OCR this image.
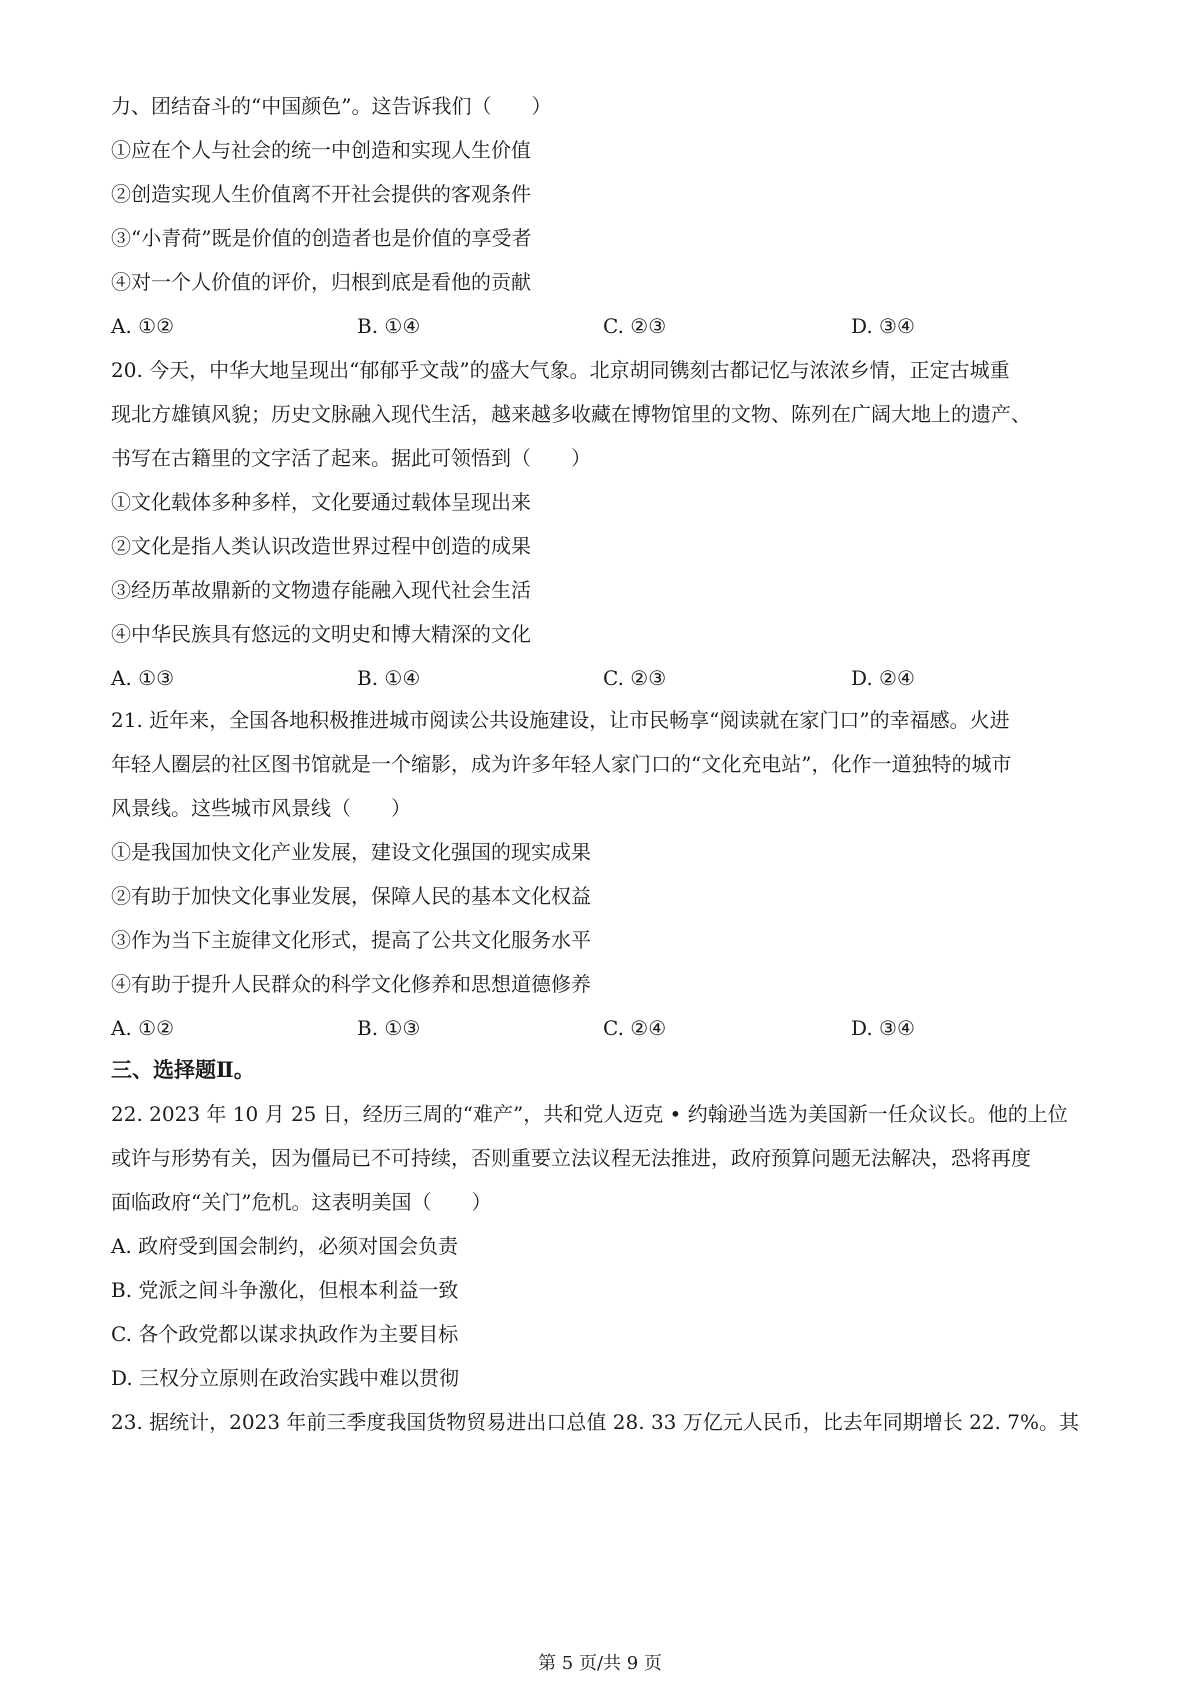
力、团结奋斗的“中国颜色”。这告诉我们（　　）
①应在个人与社会的统一中创造和实现人生价值
②创造实现人生价值离不开社会提供的客观条件
③“小青荷”既是价值的创造者也是价值的享受者
④对一个人价值的评价，归根到底是看他的贡献
A. ①②	B. ①④	C. ②③	D. ③④
20. 今天，中华大地呈现出“郁郁乎文哉”的盛大气象。北京胡同镌刻古都记忆与浓浓乡情，正定古城重
现北方雄镇风貌；历史文脉融入现代生活，越来越多收藏在博物馆里的文物、陈列在广阔大地上的遗产、
书写在古籍里的文字活了起来。据此可领悟到（　　）
①文化载体多种多样，文化要通过载体呈现出来
②文化是指人类认识改造世界过程中创造的成果
③经历革故鼎新的文物遗存能融入现代社会生活
④中华民族具有悠远的文明史和博大精深的文化
A. ①③	B. ①④	C. ②③	D. ②④
21. 近年来，全国各地积极推进城市阅读公共设施建设，让市民畅享“阅读就在家门口”的幸福感。火进
年轻人圈层的社区图书馆就是一个缩影，成为许多年轻人家门口的“文化充电站”，化作一道独特的城市
风景线。这些城市风景线（　　）
①是我国加快文化产业发展，建设文化强国的现实成果
②有助于加快文化事业发展，保障人民的基本文化权益
③作为当下主旋律文化形式，提高了公共文化服务水平
④有助于提升人民群众的科学文化修养和思想道德修养
A. ①②	B. ①③	C. ②④	D. ③④
三、选择题Ⅱ。
22. 2023 年 10 月 25 日，经历三周的“难产”，共和党人迈克 • 约翰逊当选为美国新一任众议长。他的上位
或许与形势有关，因为僵局已不可持续，否则重要立法议程无法推进，政府预算问题无法解决，恐将再度
面临政府“关门”危机。这表明美国（　　）
A. 政府受到国会制约，必须对国会负责
B. 党派之间斗争激化，但根本利益一致
C. 各个政党都以谋求执政作为主要目标
D. 三权分立原则在政治实践中难以贯彻
23. 据统计，2023 年前三季度我国货物贸易进出口总值 28. 33 万亿元人民币，比去年同期增长 22. 7%。其
第 5 页/共 9 页
